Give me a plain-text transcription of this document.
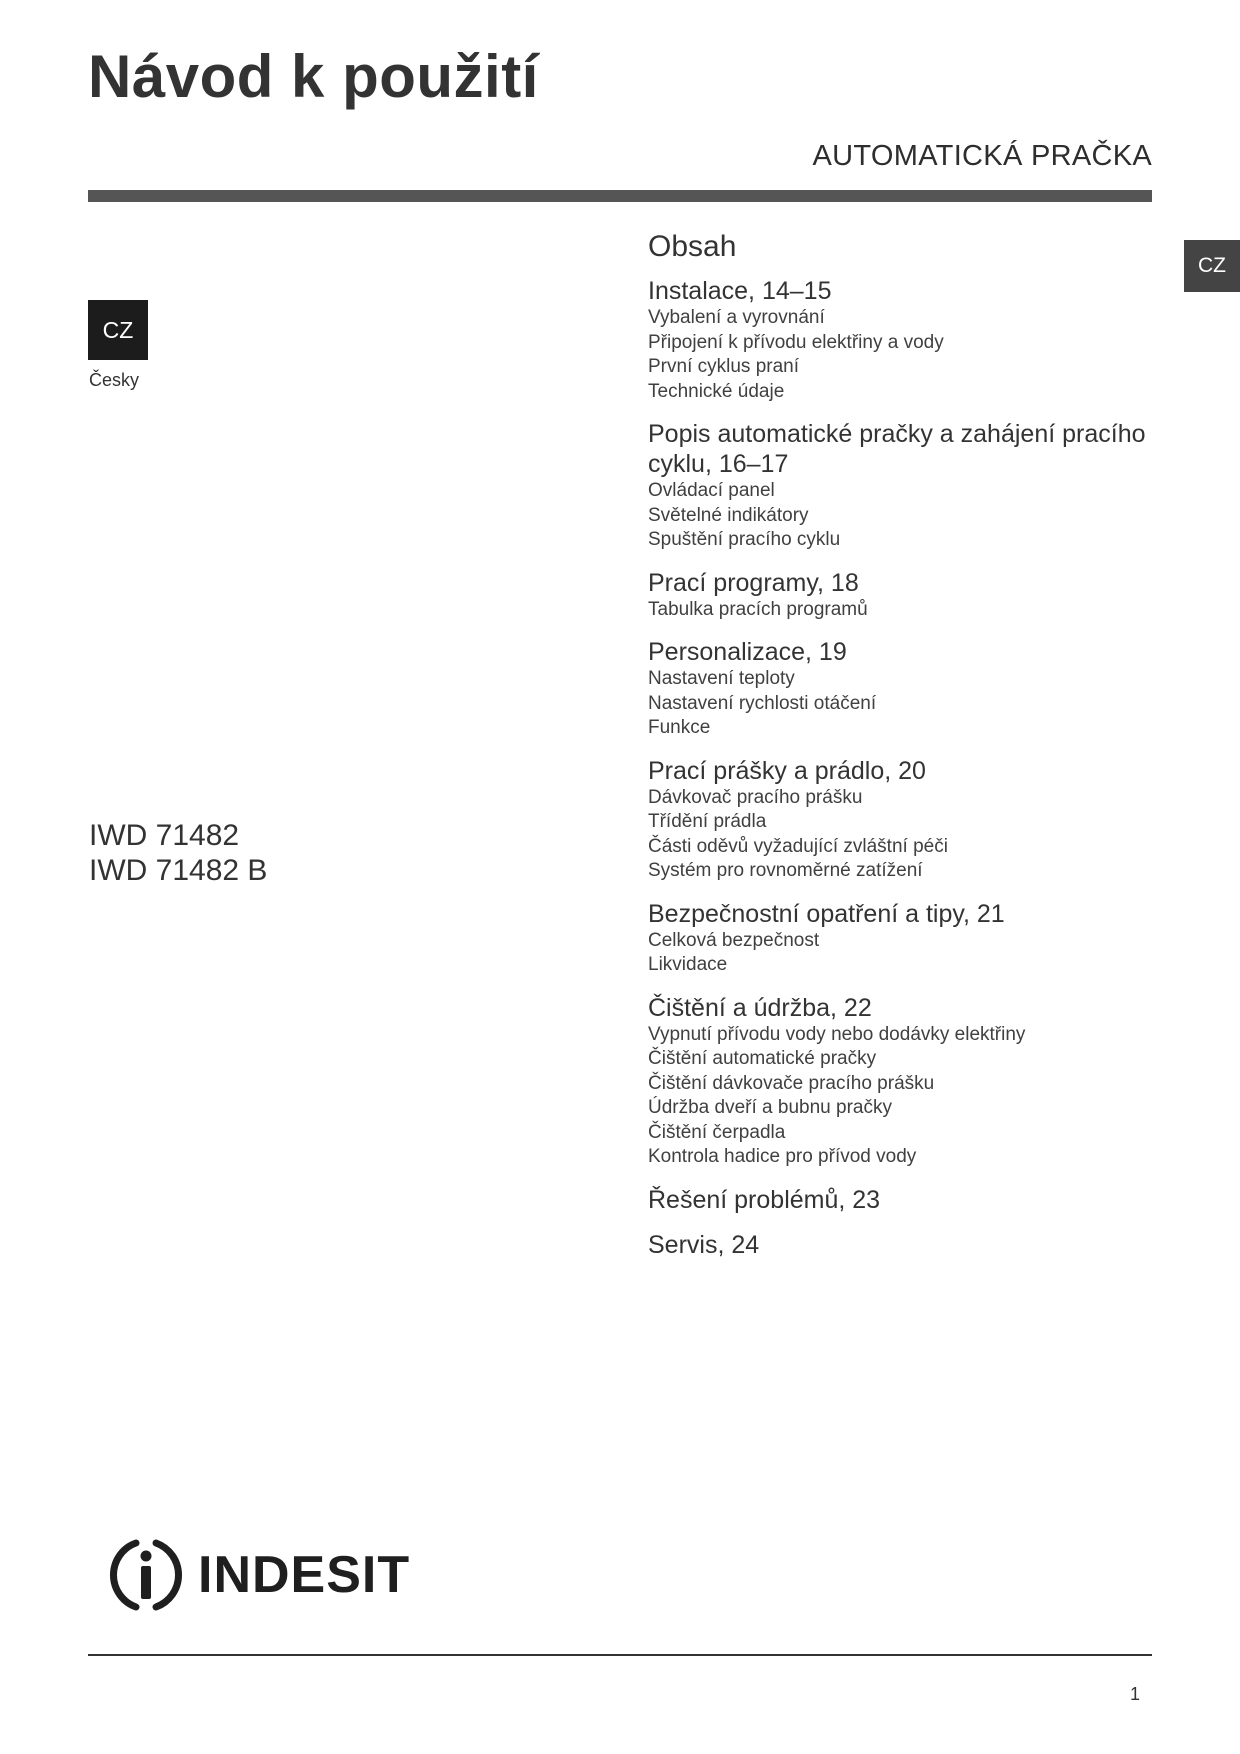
Návod k použití
AUTOMATICKÁ PRAČKA
CZ
CZ
Česky
IWD 71482
IWD 71482 B
Obsah
Instalace, 14–15
Vybalení a vyrovnání
Připojení k přívodu elektřiny a vody
První cyklus praní
Technické údaje
Popis automatické pračky a zahájení pracího cyklu, 16–17
Ovládací panel
Světelné indikátory
Spuštění pracího cyklu
Prací programy, 18
Tabulka pracích programů
Personalizace, 19
Nastavení teploty
Nastavení rychlosti otáčení
Funkce
Prací prášky a prádlo, 20
Dávkovač pracího prášku
Třídění prádla
Části oděvů vyžadující zvláštní péči
Systém pro rovnoměrné zatížení
Bezpečnostní opatření a tipy, 21
Celková bezpečnost
Likvidace
Čištění a údržba, 22
Vypnutí přívodu vody nebo dodávky elektřiny
Čištění automatické pračky
Čištění dávkovače pracího prášku
Údržba dveří a bubnu pračky
Čištění čerpadla
Kontrola hadice pro přívod vody
Řešení problémů, 23
Servis, 24
INDESIT
1
